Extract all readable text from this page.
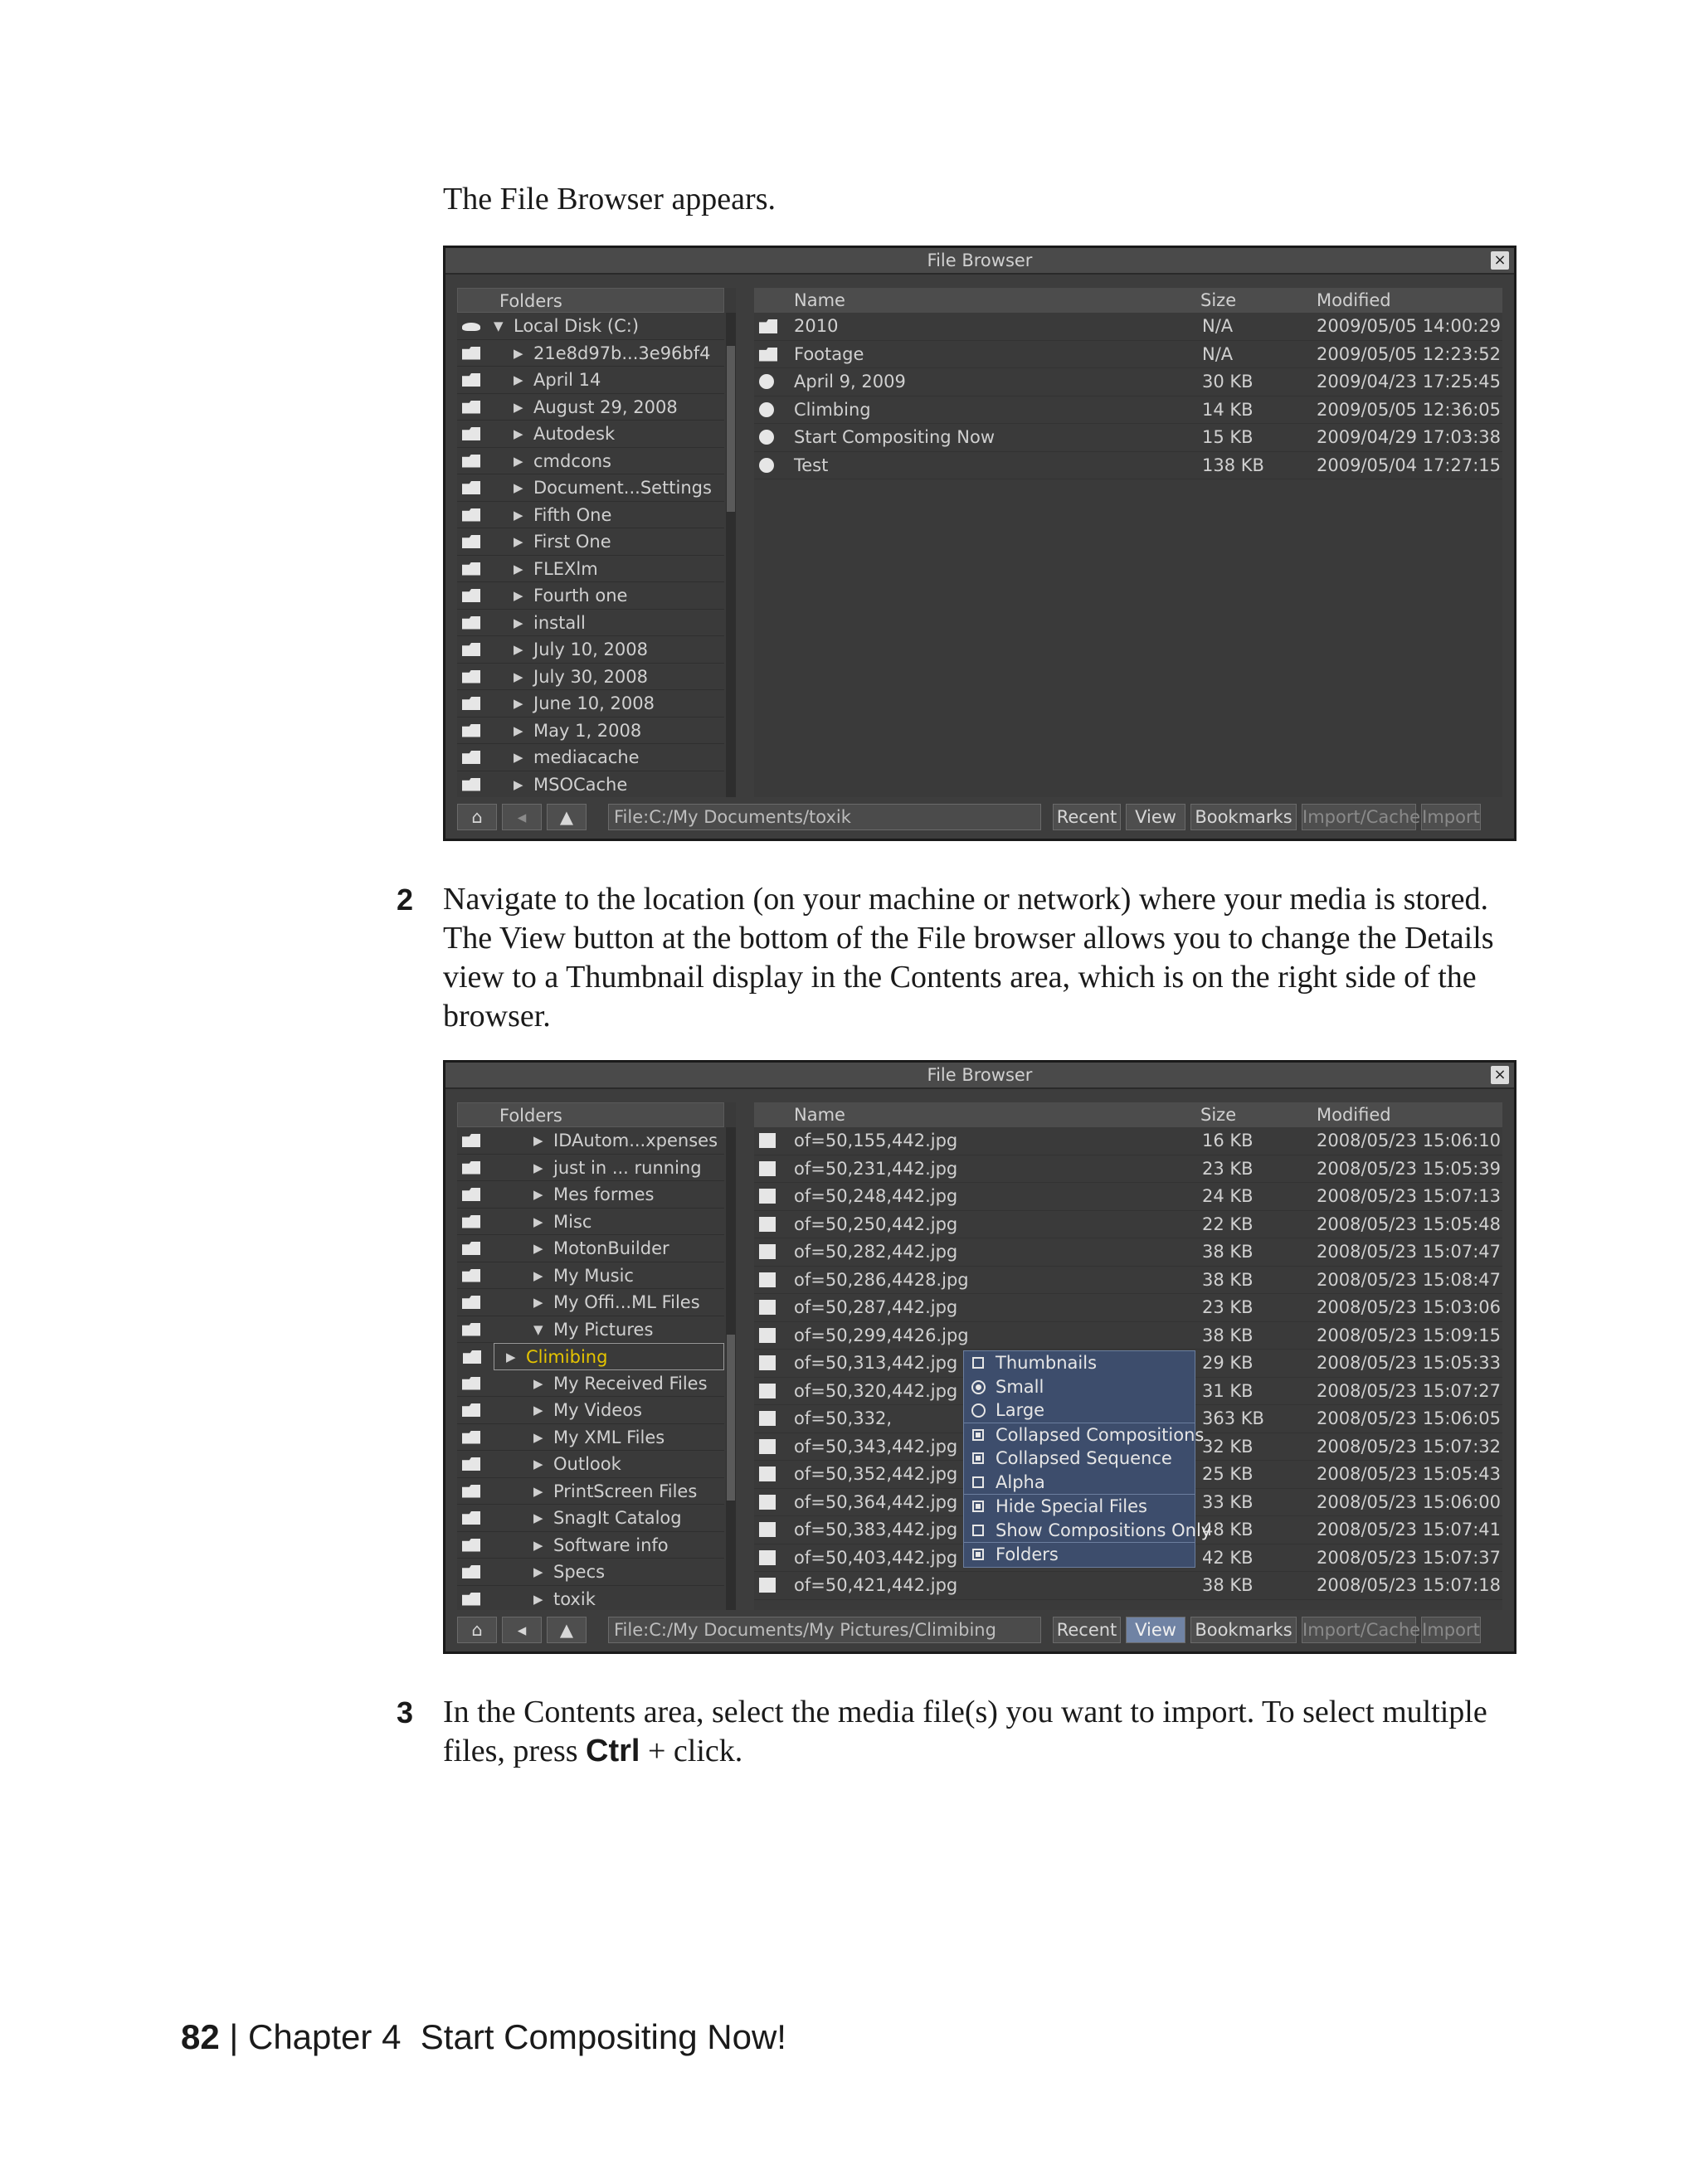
The File Browser appears.
File Browser	×
Folders
▼ Local Disk (C:)
▶ 21e8d97b...3e96bf4
▶ April 14
▶ August 29, 2008
▶ Autodesk
▶ cmdcons
▶ Document...Settings
▶ Fifth One
▶ First One
▶ FLEXlm
▶ Fourth one
▶ install
▶ July 10, 2008
▶ July 30, 2008
▶ June 10, 2008
▶ May 1, 2008
▶ mediacache
▶ MSOCache
Name	Size	Modified
2010	N/A	2009/05/05 14:00:29
Footage	N/A	2009/05/05 12:23:52
April 9, 2009	30 KB	2009/04/23 17:25:45
Climbing	14 KB	2009/05/05 12:36:05
Start Compositing Now	15 KB	2009/04/29 17:03:38
Test	138 KB	2009/05/04 17:27:15
⌂	◂	▲	File:C:/My Documents/toxik	Recent	View	Bookmarks Import/Cache Import
2 Navigate to the location (on your machine or network) where your media is stored. The View button at the bottom of the File browser allows you to change the Details view to a Thumbnail display in the Contents area, which is on the right side of the browser.

File Browser	×
Folders
▶ IDAutom...xpenses
▶ just in ... running
▶ Mes formes
▶ Misc
▶ MotonBuilder
▶ My Music
▶ My Offi...ML Files
▼ My Pictures
▶ Climibing
▶ My Received Files
▶ My Videos
▶ My XML Files
▶ Outlook
▶ PrintScreen Files
▶ SnagIt Catalog
▶ Software info
▶ Specs
▶ toxik
Name	Size	Modified
of=50,155,442.jpg	16 KB	2008/05/23 15:06:10
of=50,231,442.jpg	23 KB	2008/05/23 15:05:39
of=50,248,442.jpg	24 KB	2008/05/23 15:07:13
of=50,250,442.jpg	22 KB	2008/05/23 15:05:48
of=50,282,442.jpg	38 KB	2008/05/23 15:07:47
of=50,286,4428.jpg	38 KB	2008/05/23 15:08:47
of=50,287,442.jpg	23 KB	2008/05/23 15:03:06
of=50,299,4426.jpg	38 KB	2008/05/23 15:09:15
of=50,313,442.jpg	29 KB	2008/05/23 15:05:33
of=50,320,442.jpg	31 KB	2008/05/23 15:07:27
of=50,332,	363 KB	2008/05/23 15:06:05
of=50,343,442.jpg	32 KB	2008/05/23 15:07:32
of=50,352,442.jpg	25 KB	2008/05/23 15:05:43
of=50,364,442.jpg	33 KB	2008/05/23 15:06:00
of=50,383,442.jpg	48 KB	2008/05/23 15:07:41
of=50,403,442.jpg	42 KB	2008/05/23 15:07:37
of=50,421,442.jpg	38 KB	2008/05/23 15:07:18
Thumbnails
Small
Large
Collapsed Compositions
Collapsed Sequence
Alpha
Hide Special Files
Show Compositions Only
Folders
⌂	◂	▲	File:C:/My Documents/My Pictures/Climibing	Recent	View	Bookmarks Import/Cache Import
3 In the Contents area, select the media file(s) you want to import. To select multiple files, press Ctrl + click.

82 | Chapter 4 Start Compositing Now!
